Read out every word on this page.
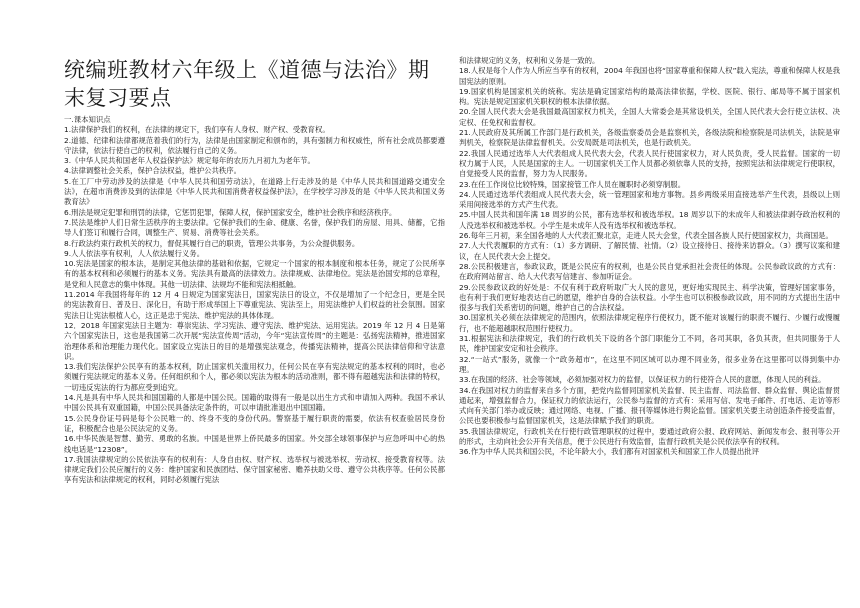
统编班教材六年级上《道德与法治》期末复习要点

一.课本知识点

1.法律保护我们的权利，在法律的规定下，我们享有人身权、财产权、受教育权。

2.道德、纪律和法律都规范着我们的行为，法律是由国家制定和颁布的，具有强制力和权威性，所有社会成员都要遵守法律，依法行使自己的权利，依法履行自己的义务。

3.《中华人民共和国老年人权益保护法》规定每年的农历九月初九为老年节。

4.法律调整社会关系，保护合法权益，维护公共秩序。

5.在工厂中劳动涉及的法律是《中华人民共和国劳动法》，在道路上行走涉及的是《中华人民共和国道路交通安全法》，在超市消费涉及到的法律是《中华人民共和国消费者权益保护法》，在学校学习涉及的是《中华人民共和国义务教育法》

6.刑法是规定犯罪和刑罚的法律，它惩罚犯罪，保障人权，保护国家安全，维护社会秩序和经济秩序。

7.民法是维护人们日常生活秩序的主要法律。它保护我们的生命、健康、名誉，保护我们的房屋、用具、储蓄，它指导人们签订和履行合同，调整生产、贸易、消费等社会关系。

8.行政法约束行政机关的权力，督促其履行自己的职责，管理公共事务，为公众提供服务。

9.人人依法享有权利，人人依法履行义务。

10.宪法是国家的根本法，是制定其他法律的基础和依据，它规定一个国家的根本制度和根本任务，规定了公民所享有的基本权利和必须履行的基本义务。宪法具有最高的法律效力。法律规威、法律地位。宪法是治国安邦的总章程，是党和人民意志的集中体现。其他一切法律、法规均不能和宪法相抵触。

11.2014 年我国将每年的 12 月 4 日规定为国家宪法日，国家宪法日的设立，不仅是增加了一个纪念日，更是全民的宪法教育日、普及日、深化日，有助于形成举国上下尊重宪法、宪法至上，用宪法维护人们权益的社会氛围。国家宪法日让宪法根植人心，这正是忠于宪法、维护宪法的具体体现。

12．2018 年国家宪法日主题为：尊崇宪法、学习宪法、遵守宪法、维护宪法、运用宪法。2019 年 12 月 4 日是第六个国家宪法日，这也是我国第二次开展“宪法宣传周”活动，今年“宪法宣传周”的主题是：弘扬宪法精神，推进国家治理体系和治理能力现代化。国家设立宪法日的目的是增强宪法观念，传播宪法精神，提高公民法律信仰和守法意识。

13.我们宪法保护公民享有的基本权利，防止国家机关滥用权力，任何公民在享有宪法规定的基本权利的同时，也必须履行宪法规定的基本义务。任何组织和个人，都必须以宪法为根本的活动准则，都不得有超越宪法和法律的特权，一切违反宪法的行为都应受到追究。

14.凡是具有中华人民共和国国籍的人都是中国公民。国籍的取得有一般是以出生方式和申请加入两种。我国不承认中国公民具有双重国籍，中国公民具备法定条件的，可以申请批准退出中国国籍。

15.公民身份证号码是每个公民唯一的、终身不变的身份代码。警察基于履行职责的需要，依法有权查验居民身份证，积极配合也是公民法定的义务。

16.中华民族是智慧、勤劳、勇敢的名族。中国是世界上侨民最多的国家。外交部全球领事保护与应急呼叫中心的热线电话是“12308”。

17.我国法律规定的公民依法享有的权利有：人身自由权、财产权、选举权与被选举权、劳动权、接受教育权等。法律规定我们公民应履行的义务：维护国家和民族团结、保守国家秘密、赡养扶助父母、遵守公共秩序等。任何公民都享有宪法和法律规定的权利，同时必须履行宪法

和法律规定的义务，权利和义务是一致的。

18.人权是每个人作为人所应当享有的权利，2004 年我国也将“国家尊重和保障人权”载入宪法，尊重和保障人权是我国宪法的原则。

19.国家机构是国家机关的统称。宪法是确定国家结构的最高法律依据，学校、医院、银行、邮局等不属于国家机构。宪法是规定国家机关职权的根本法律依据。

20.全国人民代表大会是我国最高国家权力机关，全国人大常委会是其常设机关，全国人民代表大会行使立法权、决定权、任免权和监督权。

21.人民政府及其所属工作部门是行政机关，各级监察委员会是监察机关，各级法院和检察院是司法机关，法院是审判机关，检察院是法律监督机关。公安局既是司法机关，也是行政机关。

22.我国人民通过选举人大代表组成人民代表大会，代表人民行使国家权力，对人民负责，受人民监督。国家的一切权力属于人民，人民是国家的主人。一切国家机关工作人员都必须依靠人民的支持，按照宪法和法律规定行使职权，自觉接受人民的监督，努力为人民服务。

23.在任工作岗位比较特殊，国家接管工作人员在履职时必须穿制服。

24.人民通过选举代表组成人民代表大会，统一管理国家和地方事物。县乡两级采用直接选举产生代表，县级以上则采用间接选举的方式产生代表。

25.中国人民共和国年满 18 周岁的公民，都有选举权和被选举权。18 周岁以下的未成年人和被法律剥夺政治权利的人没选举权和被选举权。小学生是未成年人没有选举权和被选举权。

26.每年三月初，来全国各地的人大代表汇聚北京，走进人民大会堂，代表全国各族人民行使国家权力，共商国是。

27.人大代表履职的方式有：（1）多方调研、了解民情、社情。（2）设立接待日、接待来访群众。（3）撰写议案和建议，在人民代表大会上提交。

28.公民积极建言，参政议政，既是公民应有的权利，也是公民自觉承担社会责任的体现。公民参政议政的方式有：在政府网站留言、给人大代表写信建言、参加听证会。

29.公民参政议政的好处是：不仅有利于政府听取广大人民的意见，更好地实现民主、科学决策，管理好国家事务，也有利于我们更好地表达自己的愿望，维护自身的合法权益。小学生也可以积极参政议政，用不同的方式提出生活中很多与我们关系密切的问题，维护自己的合法权益。

30.国家机关必须在法律规定的范围内，依照法律规定程序行使权力，既不能对该履行的职责不履行、少履行或慢履行，也不能超越职权范围行使权力。

31.根据宪法和法律规定，我们的行政机关下设的各个部门职能分工不同，各司其职，各负其责，但共同服务于人民，维护国家安定和社会秩序。

32.“一站式”服务，就像一个“政务超市”，在这里不同区域可以办理不同业务，很多业务在这里都可以得到集中办理。

33.在我国的经济、社会等领域，必须加强对权力的监督，以保证权力的行使符合人民的意愿，体现人民的利益。

34.在我国对权力的监督来自多个方面，把党内监督同国家机关监督、民主监督、司法监督、群众监督、舆论监督贯通起来，增强监督合力，保证权力的依法运行，公民参与监督的方式有：采用写信、发电子邮件、打电话、走访等形式向有关部门举办或反映；通过网络、电视、广播、报刊等媒体进行舆论监督。国家机关要主动创造条件接受监督，公民也要积极参与监督国家机关，这是法律赋予我们的职责。

35.我国法律规定，行政机关在行使行政管理职权的过程中，要通过政府公报、政府网站、新闻发布会、报刊等公开的形式，主动向社会公开有关信息，便于公民进行有效监督，监督行政机关是公民依法享有的权利。

36.作为中华人民共和国公民，不论年龄大小，我们都有对国家机关和国家工作人员提出批评
